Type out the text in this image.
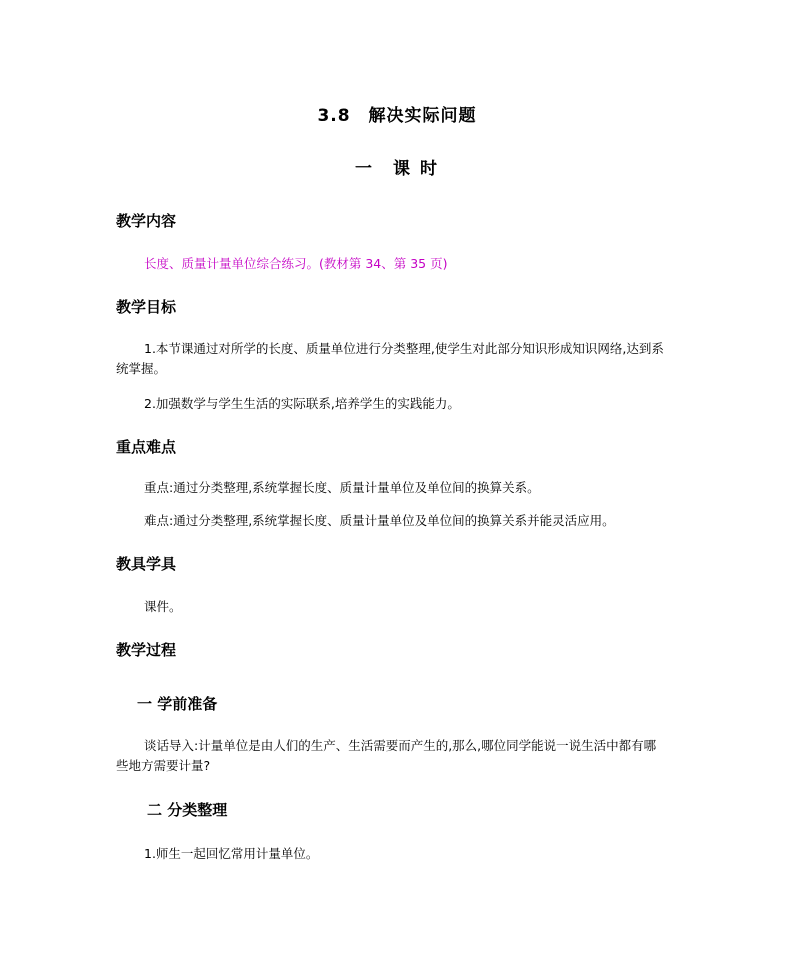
3.8　解决实际问题
一　课 时
教学内容
长度、质量计量单位综合练习。(教材第 34、第 35 页)
教学目标
1.本节课通过对所学的长度、质量单位进行分类整理,使学生对此部分知识形成知识网络,达到系统掌握。
2.加强数学与学生生活的实际联系,培养学生的实践能力。
重点难点
重点:通过分类整理,系统掌握长度、质量计量单位及单位间的换算关系。
难点:通过分类整理,系统掌握长度、质量计量单位及单位间的换算关系并能灵活应用。
教具学具
课件。
教学过程
一 学前准备
谈话导入:计量单位是由人们的生产、生活需要而产生的,那么,哪位同学能说一说生活中都有哪些地方需要计量?
二 分类整理
1.师生一起回忆常用计量单位。
